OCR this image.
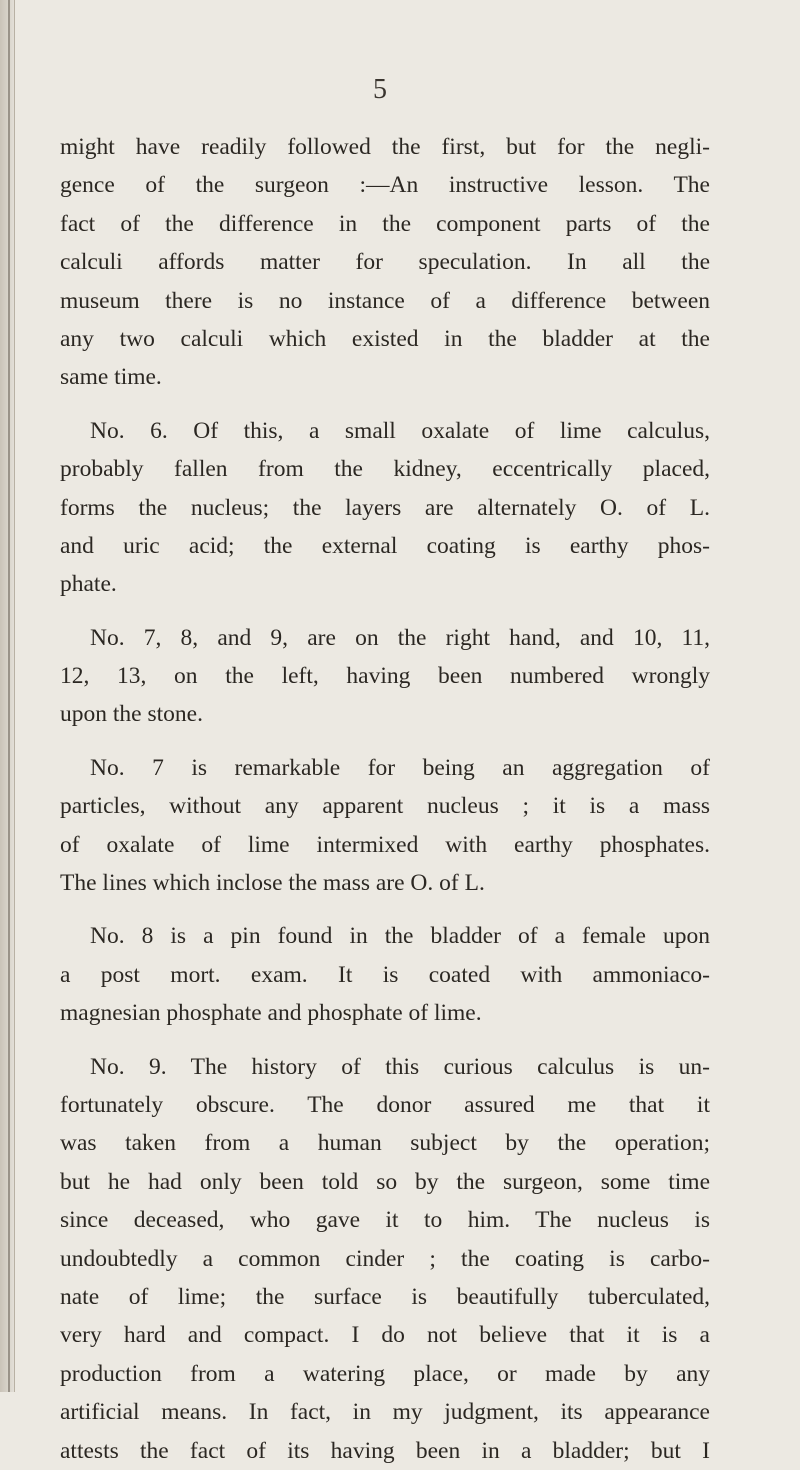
5
might have readily followed the first, but for the negli-
gence of the surgeon :—An instructive lesson. The
fact of the difference in the component parts of the
calculi affords matter for speculation. In all the
museum there is no instance of a difference between
any two calculi which existed in the bladder at the
same time.
No. 6. Of this, a small oxalate of lime calculus,
probably fallen from the kidney, eccentrically placed,
forms the nucleus; the layers are alternately O. of L.
and uric acid; the external coating is earthy phos-
phate.
No. 7, 8, and 9, are on the right hand, and 10, 11,
12, 13, on the left, having been numbered wrongly
upon the stone.
No. 7 is remarkable for being an aggregation of
particles, without any apparent nucleus ; it is a mass
of oxalate of lime intermixed with earthy phosphates.
The lines which inclose the mass are O. of L.
No. 8 is a pin found in the bladder of a female upon
a post mort. exam. It is coated with ammoniaco-
magnesian phosphate and phosphate of lime.
No. 9. The history of this curious calculus is un-
fortunately obscure. The donor assured me that it
was taken from a human subject by the operation;
but he had only been told so by the surgeon, some time
since deceased, who gave it to him. The nucleus is
undoubtedly a common cinder ; the coating is carbo-
nate of lime; the surface is beautifully tuberculated,
very hard and compact. I do not believe that it is a
production from a watering place, or made by any
artificial means. In fact, in my judgment, its appearance
attests the fact of its having been in a bladder; but I
